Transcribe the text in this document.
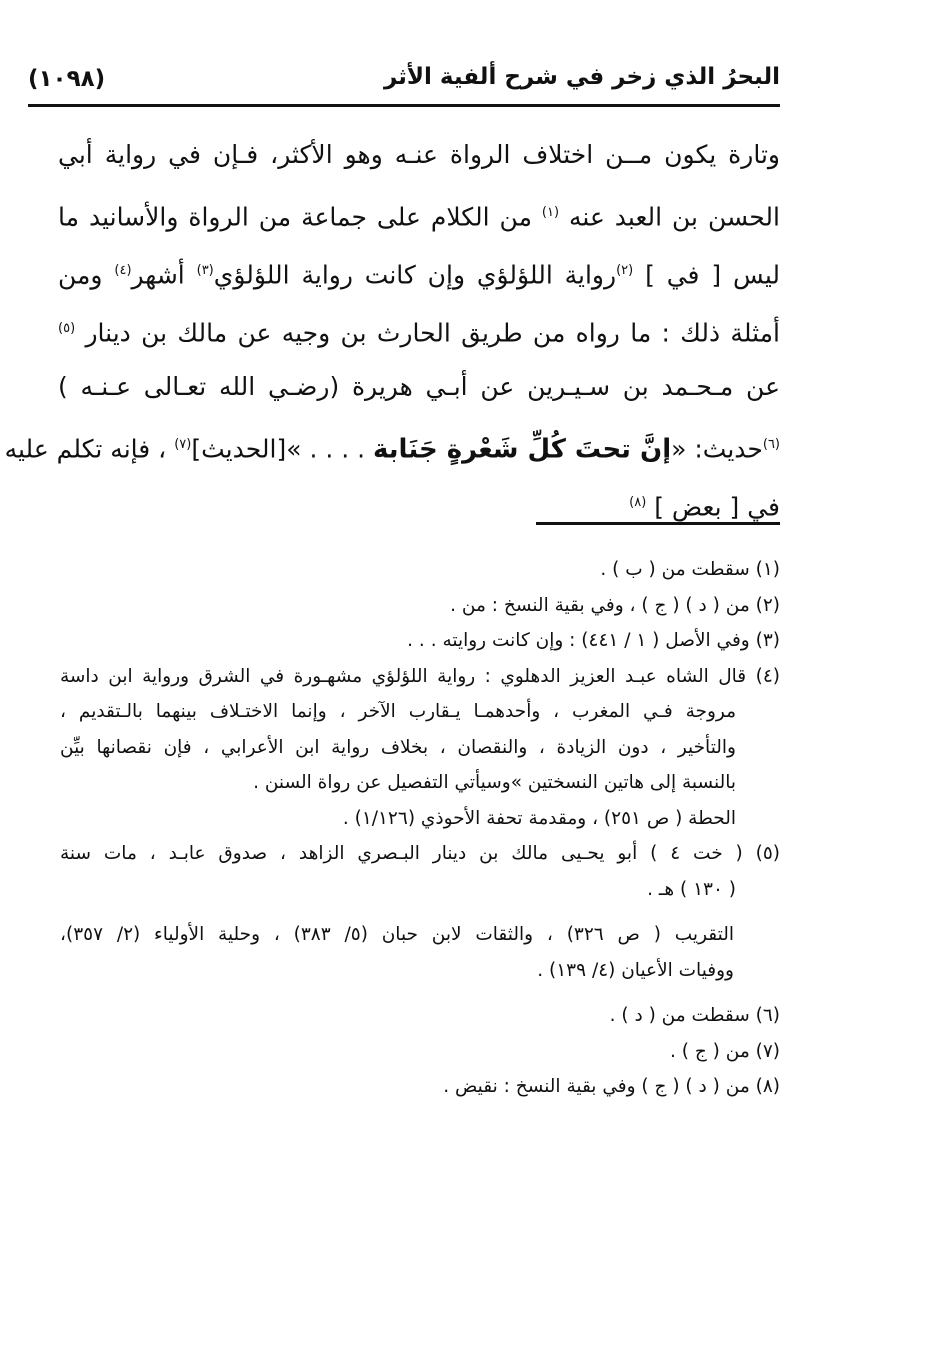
البحرُ الذي زخر في شرح ألفية الأثر
(١٠٩٨)
وتارة يكون مــن اختلاف الرواة عنـه وهو الأكثر، فـإن في رواية أبي
الحسن بن العبد عنه $^{(١)}$ من الكلام على جماعة من الرواة والأسانيد ما
ليس [ في ] $^{(٢)}$رواية اللؤلؤي وإن كانت رواية اللؤلؤي$^{(٣)}$ أشهر$^{(٤)}$ ومن
أمثلة ذلك : ما رواه من طريق الحارث بن وجيه عن مالك بن دينار $^{(٥)}$
عن مـحـمد بن سـيـرين عن أبـي هريرة (رضـي الله تعـالى عـنـه )
$^{(٦)}$حديث: «إنَّ تحتَ كُلِّ شَعْرةٍ جَنَابة . . . . »[الحديث]$^{(٧)}$ ، فإنه تكلم عليه
في [ بعض ] $^{(٨)}$
(١) سقطت من ( ب ) .
(٢) من ( د ) ( ج ) ، وفي بقية النسخ : من .
(٣) وفي الأصل ( ١ / ٤٤١) : وإن كانت روايته . . .
(٤) قال الشاه عبـد العزيز الدهلوي : رواية اللؤلؤي مشهـورة في الشرق ورواية ابن داسة
مروجة فـي المغرب ، وأحدهمـا يـقارب الآخر ، وإنما الاختـلاف بينهما بالـتقديم ،
والتأخير ، دون الزيادة ، والنقصان ، بخلاف رواية ابن الأعرابي ، فإن نقصانها بيِّن
بالنسبة إلى هاتين النسختين »وسيأتي التفصيل عن رواة السنن .
الحطة ( ص ٢٥١) ، ومقدمة تحفة الأحوذي (١/١٢٦) .
(٥) ( خت ٤ ) أبو يحـيى مالك بن دينار البـصري الزاهد ، صدوق عابـد ، مات سنة
( ١٣٠ ) هـ .
التقريب ( ص ٣٢٦) ، والثقات لابن حبان (٥/ ٣٨٣) ، وحلية الأولياء (٢/ ٣٥٧)،
ووفيات الأعيان (٤/ ١٣٩) .
(٦) سقطت من ( د ) .
(٧) من ( ج ) .
(٨) من ( د ) ( ج ) وفي بقية النسخ : نقيض .
